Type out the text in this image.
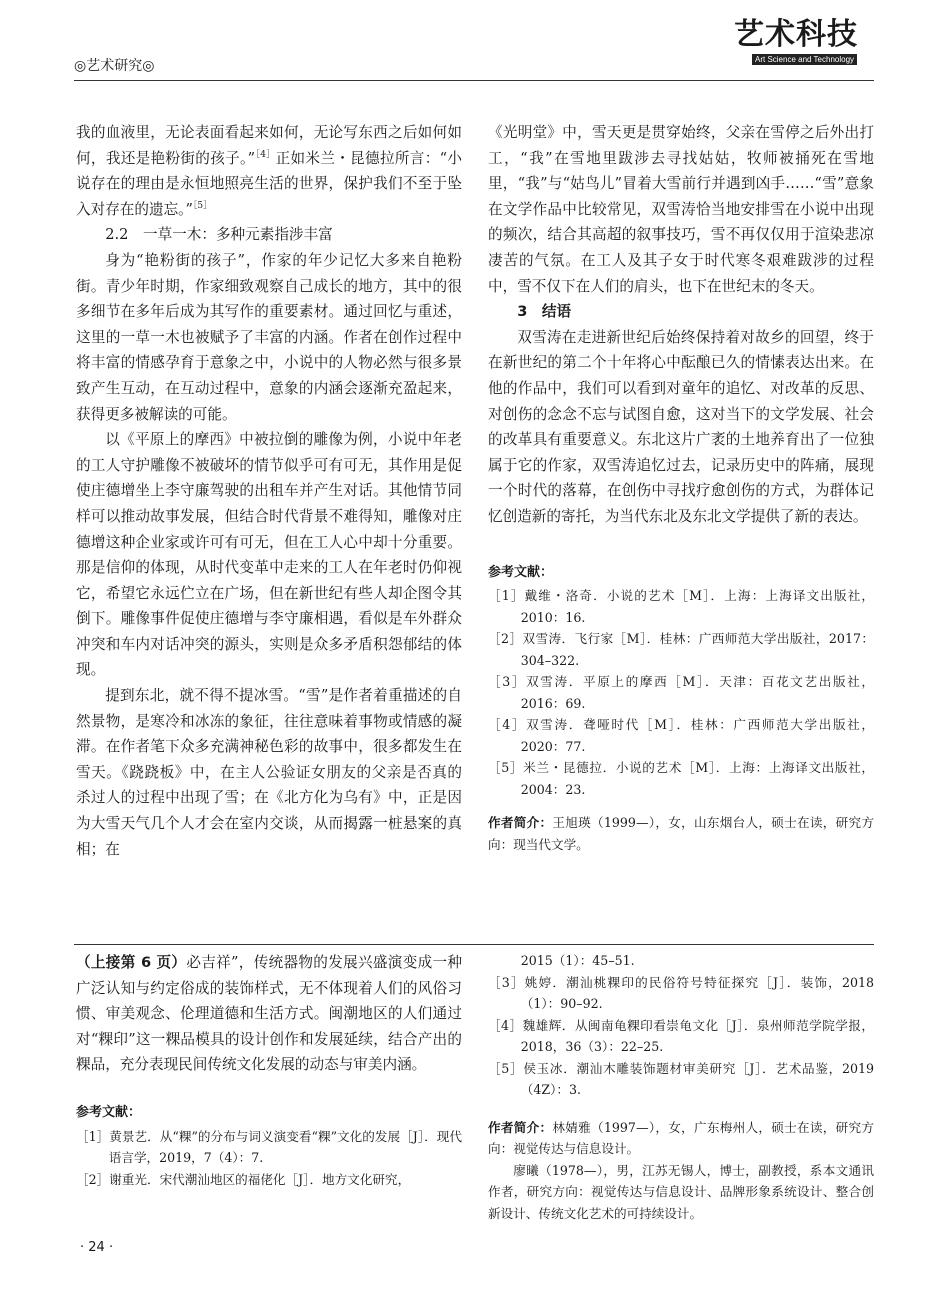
◎艺术研究◎
艺术科技
Art Science and Technology

我的血液里，无论表面看起来如何，无论写东西之后如何如何，我还是艳粉街的孩子。”$^{[4]}$正如米兰・昆德拉所言：“小说存在的理由是永恒地照亮生活的世界，保护我们不至于坠入对存在的遗忘。”$^{[5]}$

2.2　一草一木：多种元素指涉丰富

身为“艳粉街的孩子”，作家的年少记忆大多来自艳粉街。青少年时期，作家细致观察自己成长的地方，其中的很多细节在多年后成为其写作的重要素材。通过回忆与重述，这里的一草一木也被赋予了丰富的内涵。作者在创作过程中将丰富的情感孕育于意象之中，小说中的人物必然与很多景致产生互动，在互动过程中，意象的内涵会逐渐充盈起来，获得更多被解读的可能。

以《平原上的摩西》中被拉倒的雕像为例，小说中年老的工人守护雕像不被破坏的情节似乎可有可无，其作用是促使庄德增坐上李守廉驾驶的出租车并产生对话。其他情节同样可以推动故事发展，但结合时代背景不难得知，雕像对庄德增这种企业家或许可有可无，但在工人心中却十分重要。那是信仰的体现，从时代变革中走来的工人在年老时仍仰视它，希望它永远伫立在广场，但在新世纪有些人却企图令其倒下。雕像事件促使庄德增与李守廉相遇，看似是车外群众冲突和车内对话冲突的源头，实则是众多矛盾积怨郁结的体现。

提到东北，就不得不提冰雪。“雪”是作者着重描述的自然景物，是寒冷和冰冻的象征，往往意味着事物或情感的凝滞。在作者笔下众多充满神秘色彩的故事中，很多都发生在雪天。《跷跷板》中，在主人公验证女朋友的父亲是否真的杀过人的过程中出现了雪；在《北方化为乌有》中，正是因为大雪天气几个人才会在室内交谈，从而揭露一桩悬案的真相；在

《光明堂》中，雪天更是贯穿始终，父亲在雪停之后外出打工，“我”在雪地里跋涉去寻找姑姑，牧师被捅死在雪地里，“我”与“姑鸟儿”冒着大雪前行并遇到凶手……“雪”意象在文学作品中比较常见，双雪涛恰当地安排雪在小说中出现的频次，结合其高超的叙事技巧，雪不再仅仅用于渲染悲凉凄苦的气氛。在工人及其子女于时代寒冬艰难跋涉的过程中，雪不仅下在人们的肩头，也下在世纪末的冬天。

3　结语

双雪涛在走进新世纪后始终保持着对故乡的回望，终于在新世纪的第二个十年将心中酝酿已久的情愫表达出来。在他的作品中，我们可以看到对童年的追忆、对改革的反思、对创伤的念念不忘与试图自愈，这对当下的文学发展、社会的改革具有重要意义。东北这片广袤的土地养育出了一位独属于它的作家，双雪涛追忆过去，记录历史中的阵痛，展现一个时代的落幕，在创伤中寻找疗愈创伤的方式，为群体记忆创造新的寄托，为当代东北及东北文学提供了新的表达。

参考文献：

［1］戴维・洛奇．小说的艺术［M］．上海：上海译文出版社，2010：16.

［2］双雪涛．飞行家［M］．桂林：广西师范大学出版社，2017：304–322.

［3］双雪涛．平原上的摩西［M］．天津：百花文艺出版社，2016：69.

［4］双雪涛．聋哑时代［M］．桂林：广西师范大学出版社，2020：77.

［5］米兰・昆德拉．小说的艺术［M］．上海：上海译文出版社，2004：23.

作者简介：王旭瑛（1999—），女，山东烟台人，硕士在读，研究方向：现当代文学。

（上接第 6 页）必吉祥”，传统器物的发展兴盛演变成一种广泛认知与约定俗成的装饰样式，无不体现着人们的风俗习惯、审美观念、伦理道德和生活方式。闽潮地区的人们通过对“粿印”这一粿品模具的设计创作和发展延续，结合产出的粿品，充分表现民间传统文化发展的动态与审美内涵。

参考文献：

［1］黄景艺．从“粿”的分布与词义演变看“粿”文化的发展［J］．现代语言学，2019，7（4）：7.

［2］谢重光．宋代潮汕地区的福佬化［J］．地方文化研究，

2015（1）：45–51.

［3］姚婷．潮汕桃粿印的民俗符号特征探究［J］．装饰，2018（1）：90–92.

［4］魏雄辉．从闽南龟粿印看崇龟文化［J］．泉州师范学院学报，2018，36（3）：22–25.

［5］侯玉冰．潮汕木雕装饰题材审美研究［J］．艺术品鉴，2019（4Z）：3.

作者简介：林婧雅（1997—），女，广东梅州人，硕士在读，研究方向：视觉传达与信息设计。

廖曦（1978—），男，江苏无锡人，博士，副教授，系本文通讯作者，研究方向：视觉传达与信息设计、品牌形象系统设计、整合创新设计、传统文化艺术的可持续设计。

· 24 ·
